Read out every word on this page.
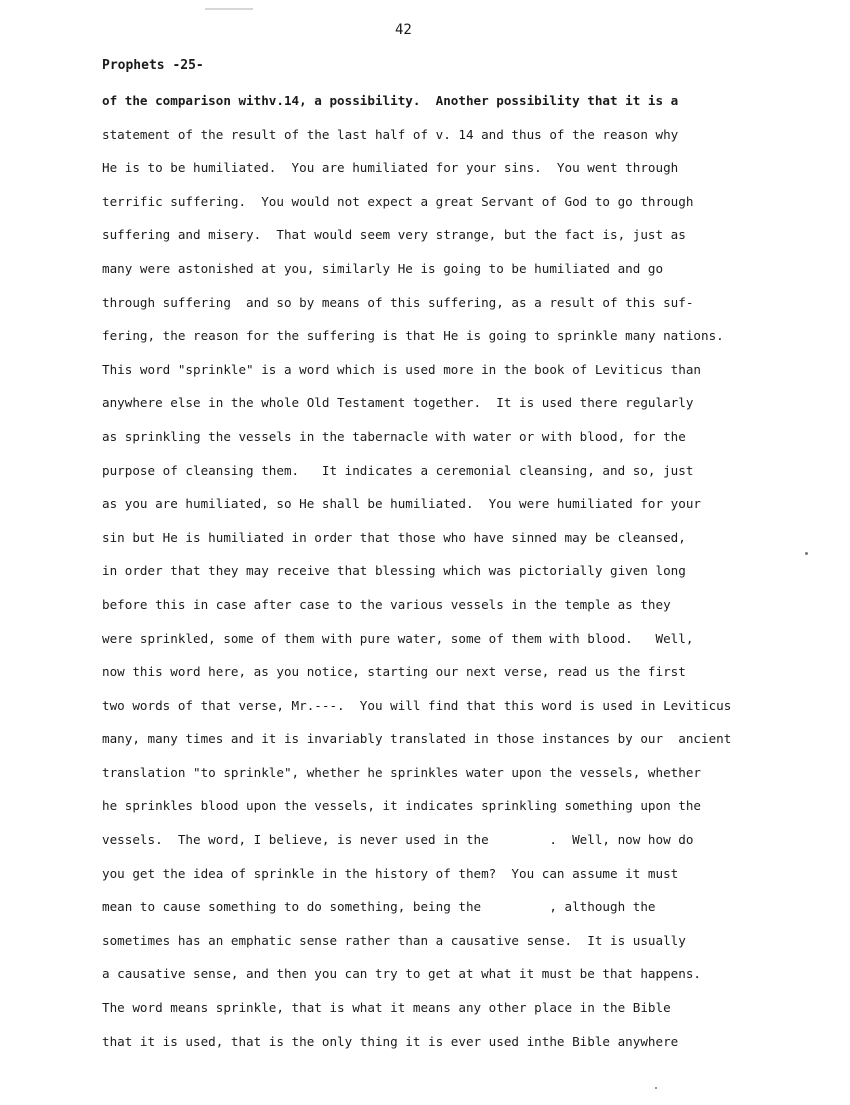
42
Prophets -25-
of the comparison withv.14, a possibility.  Another possibility that it is a
statement of the result of the last half of v. 14 and thus of the reason why
He is to be humiliated.  You are humiliated for your sins.  You went through
terrific suffering.  You would not expect a great Servant of God to go through
suffering and misery.  That would seem very strange, but the fact is, just as
many were astonished at you, similarly He is going to be humiliated and go
through suffering  and so by means of this suffering, as a result of this suf-
fering, the reason for the suffering is that He is going to sprinkle many nations.
This word "sprinkle" is a word which is used more in the book of Leviticus than
anywhere else in the whole Old Testament together.  It is used there regularly
as sprinkling the vessels in the tabernacle with water or with blood, for the
purpose of cleansing them.   It indicates a ceremonial cleansing, and so, just
as you are humiliated, so He shall be humiliated.  You were humiliated for your
sin but He is humiliated in order that those who have sinned may be cleansed,
in order that they may receive that blessing which was pictorially given long
before this in case after case to the various vessels in the temple as they
were sprinkled, some of them with pure water, some of them with blood.   Well,
now this word here, as you notice, starting our next verse, read us the first
two words of that verse, Mr.---.  You will find that this word is used in Leviticus
many, many times and it is invariably translated in those instances by our  ancient
translation "to sprinkle", whether he sprinkles water upon the vessels, whether
he sprinkles blood upon the vessels, it indicates sprinkling something upon the
vessels.  The word, I believe, is never used in the        .  Well, now how do
you get the idea of sprinkle in the history of them?  You can assume it must
mean to cause something to do something, being the         , although the
sometimes has an emphatic sense rather than a causative sense.  It is usually
a causative sense, and then you can try to get at what it must be that happens.
The word means sprinkle, that is what it means any other place in the Bible
that it is used, that is the only thing it is ever used inthe Bible anywhere
